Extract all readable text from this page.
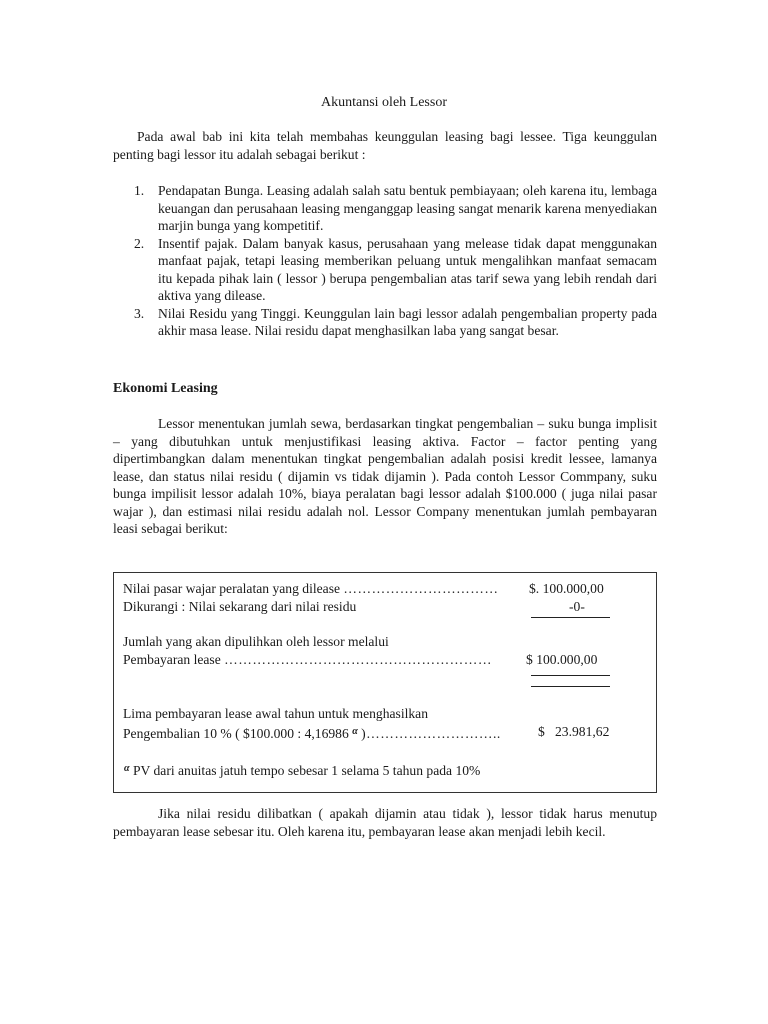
Akuntansi oleh Lessor
Pada awal bab ini kita telah membahas keunggulan leasing bagi lessee. Tiga keunggulan penting bagi lessor itu adalah sebagai berikut :
1. Pendapatan Bunga. Leasing adalah salah satu bentuk pembiayaan; oleh karena itu, lembaga keuangan dan perusahaan leasing menganggap leasing sangat menarik karena menyediakan marjin bunga yang kompetitif.
2. Insentif pajak. Dalam banyak kasus, perusahaan yang melease tidak dapat menggunakan manfaat pajak, tetapi leasing memberikan peluang untuk mengalihkan manfaat semacam itu kepada pihak lain ( lessor ) berupa pengembalian atas tarif sewa yang lebih rendah dari aktiva yang dilease.
3. Nilai Residu yang Tinggi. Keunggulan lain bagi lessor adalah pengembalian property pada akhir masa lease. Nilai residu dapat menghasilkan laba yang sangat besar.
Ekonomi Leasing
Lessor menentukan jumlah sewa, berdasarkan tingkat pengembalian – suku bunga implisit – yang dibutuhkan untuk menjustifikasi leasing aktiva. Factor – factor penting yang dipertimbangkan dalam menentukan tingkat pengembalian adalah posisi kredit lessee, lamanya lease, dan status nilai residu ( dijamin vs tidak dijamin ). Pada contoh Lessor Commpany, suku bunga impilisit lessor adalah 10%, biaya peralatan bagi lessor adalah $100.000 ( juga nilai pasar wajar ), dan estimasi nilai residu adalah nol. Lessor Company menentukan jumlah pembayaran leasi sebagai berikut:
Nilai pasar wajar peralatan yang dilease …………………………… $. 100.000,00
Dikurangi : Nilai sekarang dari nilai residu	-0-
Jumlah yang akan dipulihkan oleh lessor melalui
Pembayaran lease …………………………………………………	$ 100.000,00
Lima pembayaran lease awal tahun untuk menghasilkan
Pengembalian 10 % ( $100.000 : 4,16986 $^\alpha$ )………………………..	$   23.981,62
$^\alpha$ PV dari anuitas jatuh tempo sebesar 1 selama 5 tahun pada 10%
Jika nilai residu dilibatkan ( apakah dijamin atau tidak ), lessor tidak harus menutup pembayaran lease sebesar itu. Oleh karena itu, pembayaran lease akan menjadi lebih kecil.
